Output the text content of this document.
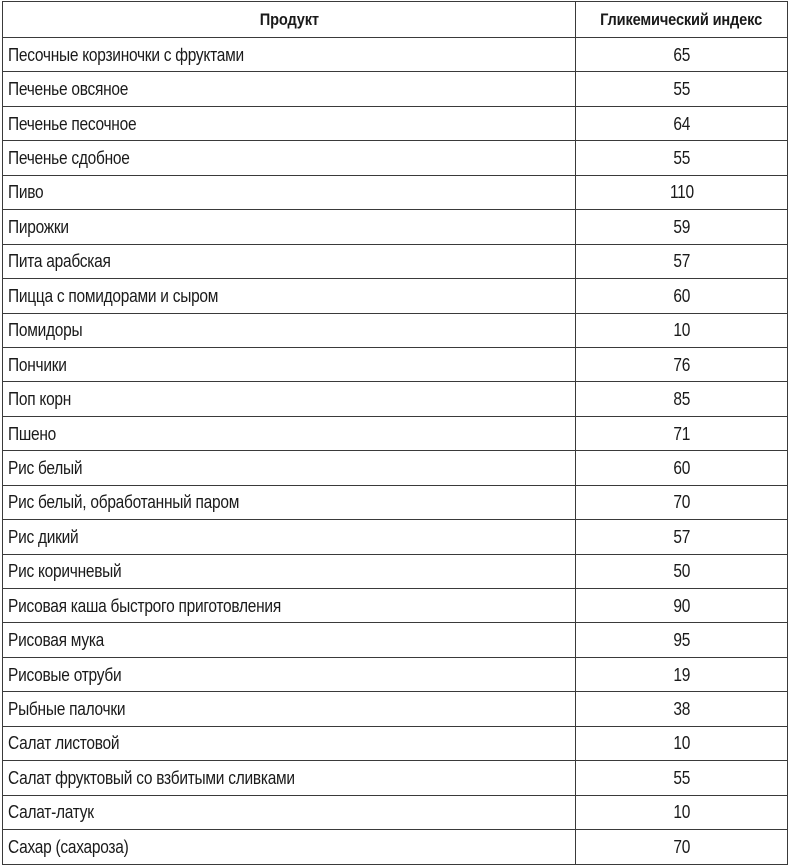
Продукт	Гликемический индекс
Песочные корзиночки с фруктами	65
Печенье овсяное	55
Печенье песочное	64
Печенье сдобное	55
Пиво	110
Пирожки	59
Пита арабская	57
Пицца с помидорами и сыром	60
Помидоры	10
Пончики	76
Поп корн	85
Пшено	71
Рис белый	60
Рис белый, обработанный паром	70
Рис дикий	57
Рис коричневый	50
Рисовая каша быстрого приготовления	90
Рисовая мука	95
Рисовые отруби	19
Рыбные палочки	38
Салат листовой	10
Салат фруктовый со взбитыми сливками	55
Салат-латук	10
Сахар (сахароза)	70
